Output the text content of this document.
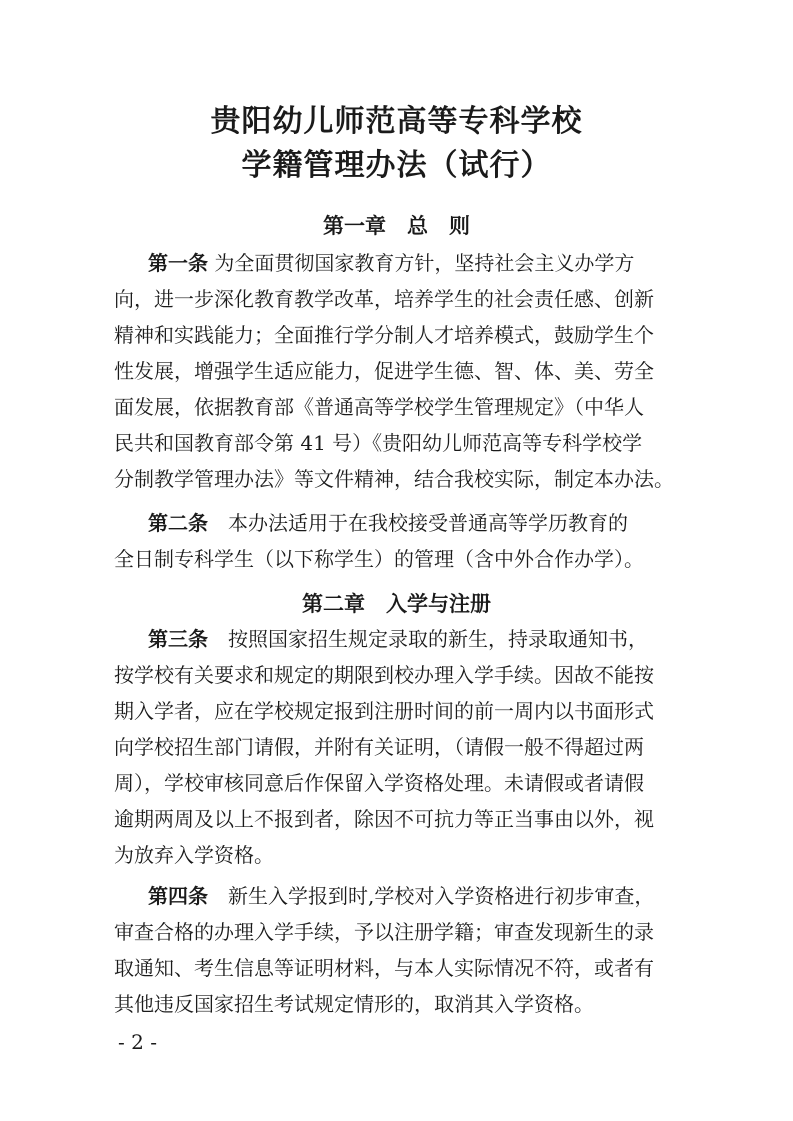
贵阳幼儿师范高等专科学校
学籍管理办法（试行）
第一章　总　则
第一条 为全面贯彻国家教育方针，坚持社会主义办学方
向，进一步深化教育教学改革，培养学生的社会责任感、创新
精神和实践能力；全面推行学分制人才培养模式，鼓励学生个
性发展，增强学生适应能力，促进学生德、智、体、美、劳全
面发展，依据教育部《普通高等学校学生管理规定》（中华人
民共和国教育部令第 41 号）《贵阳幼儿师范高等专科学校学
分制教学管理办法》等文件精神，结合我校实际，制定本办法。
第二条　本办法适用于在我校接受普通高等学历教育的
全日制专科学生（以下称学生）的管理（含中外合作办学）。
第二章　入学与注册
第三条　按照国家招生规定录取的新生，持录取通知书，
按学校有关要求和规定的期限到校办理入学手续。因故不能按
期入学者，应在学校规定报到注册时间的前一周内以书面形式
向学校招生部门请假，并附有关证明，（请假一般不得超过两
周），学校审核同意后作保留入学资格处理。未请假或者请假
逾期两周及以上不报到者，除因不可抗力等正当事由以外，视
为放弃入学资格。
第四条　新生入学报到时,学校对入学资格进行初步审查，
审查合格的办理入学手续，予以注册学籍；审查发现新生的录
取通知、考生信息等证明材料，与本人实际情况不符，或者有
其他违反国家招生考试规定情形的，取消其入学资格。
- 2 -
